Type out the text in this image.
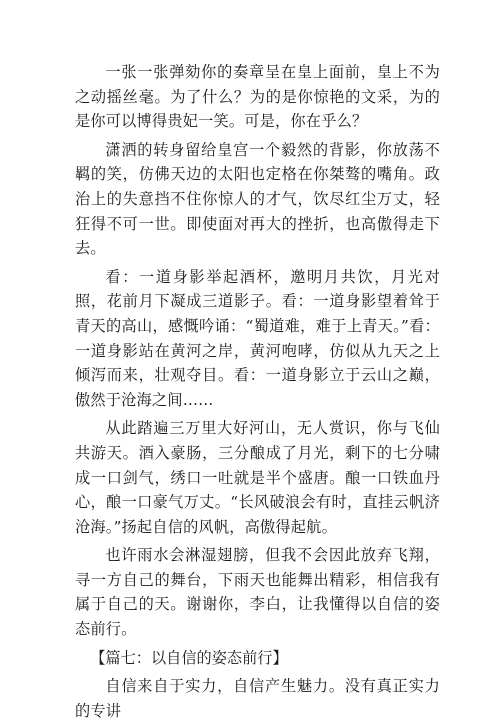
一张一张弹劾你的奏章呈在皇上面前，皇上不为之动摇丝毫。为了什么？为的是你惊艳的文采，为的是你可以博得贵妃一笑。可是，你在乎么？

潇洒的转身留给皇宫一个毅然的背影，你放荡不羁的笑，仿佛天边的太阳也定格在你桀骜的嘴角。政治上的失意挡不住你惊人的才气，饮尽红尘万丈，轻狂得不可一世。即使面对再大的挫折，也高傲得走下去。

看：一道身影举起酒杯，邀明月共饮，月光对照，花前月下凝成三道影子。看：一道身影望着耸于青天的高山，感慨吟诵：“蜀道难，难于上青天。”看：一道身影站在黄河之岸，黄河咆哮，仿似从九天之上倾泻而来，壮观夺目。看：一道身影立于云山之巅，傲然于沧海之间……

从此踏遍三万里大好河山，无人赏识，你与飞仙共游天。酒入豪肠，三分酿成了月光，剩下的七分啸成一口剑气，绣口一吐就是半个盛唐。酿一口铁血丹心，酿一口豪气万丈。“长风破浪会有时，直挂云帆济沧海。”扬起自信的风帆，高傲得起航。

也许雨水会淋湿翅膀，但我不会因此放弃飞翔，寻一方自己的舞台，下雨天也能舞出精彩，相信我有属于自己的天。谢谢你，李白，让我懂得以自信的姿态前行。

【篇七：以自信的姿态前行】

自信来自于实力，自信产生魅力。没有真正实力的专讲
